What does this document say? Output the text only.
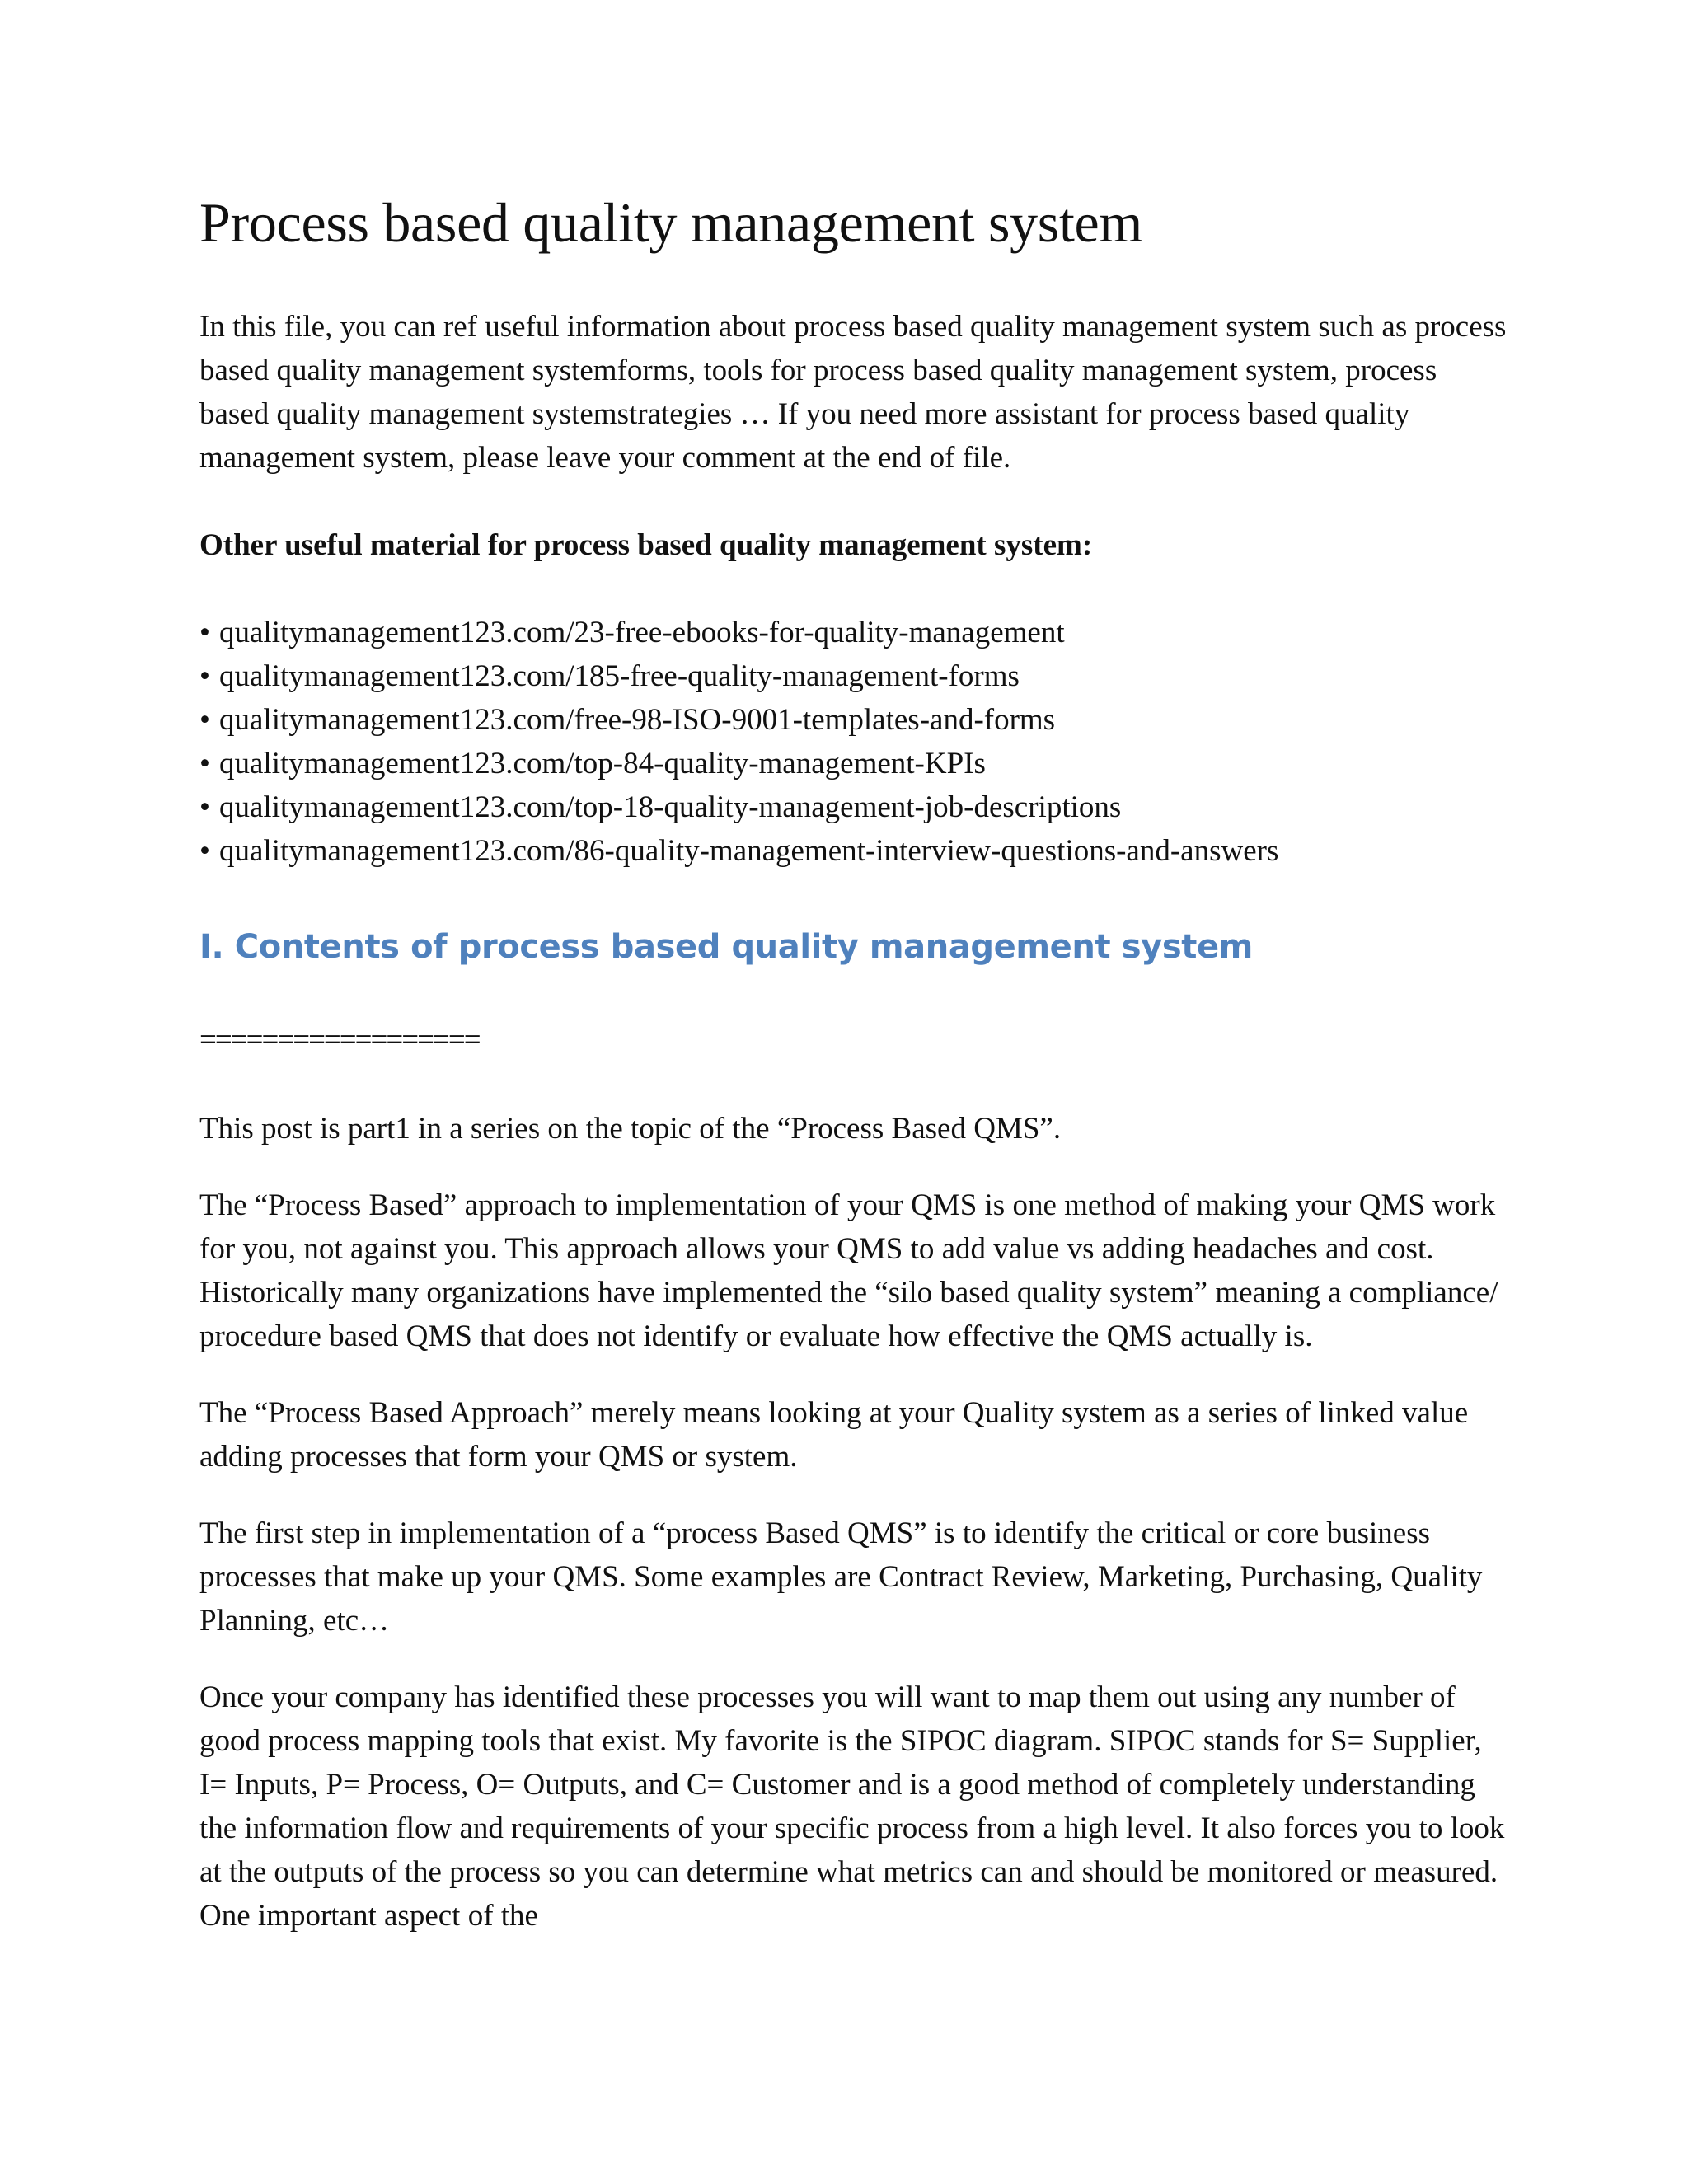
Process based quality management system

In this file, you can ref useful information about process based quality management system such as process based quality management systemforms, tools for process based quality management system, process based quality management systemstrategies … If you need more assistant for process based quality management system, please leave your comment at the end of file.

Other useful material for process based quality management system:

• qualitymanagement123.com/23-free-ebooks-for-quality-management
• qualitymanagement123.com/185-free-quality-management-forms
• qualitymanagement123.com/free-98-ISO-9001-templates-and-forms
• qualitymanagement123.com/top-84-quality-management-KPIs
• qualitymanagement123.com/top-18-quality-management-job-descriptions
• qualitymanagement123.com/86-quality-management-interview-questions-and-answers
I. Contents of process based quality management system

==================

This post is part1 in a series on the topic of the “Process Based QMS”.

The “Process Based” approach to implementation of your QMS is one method of making your QMS work for you, not against you. This approach allows your QMS to add value vs adding headaches and cost. Historically many organizations have implemented the “silo based quality system” meaning a compliance/ procedure based QMS that does not identify or evaluate how effective the QMS actually is.

The “Process Based Approach” merely means looking at your Quality system as a series of linked value adding processes that form your QMS or system.

The first step in implementation of a “process Based QMS” is to identify the critical or core business processes that make up your QMS. Some examples are Contract Review, Marketing, Purchasing, Quality Planning, etc…

Once your company has identified these processes you will want to map them out using any number of good process mapping tools that exist. My favorite is the SIPOC diagram. SIPOC stands for S= Supplier, I= Inputs, P= Process, O= Outputs, and C= Customer and is a good method of completely understanding the information flow and requirements of your specific process from a high level. It also forces you to look at the outputs of the process so you can determine what metrics can and should be monitored or measured. One important aspect of the
